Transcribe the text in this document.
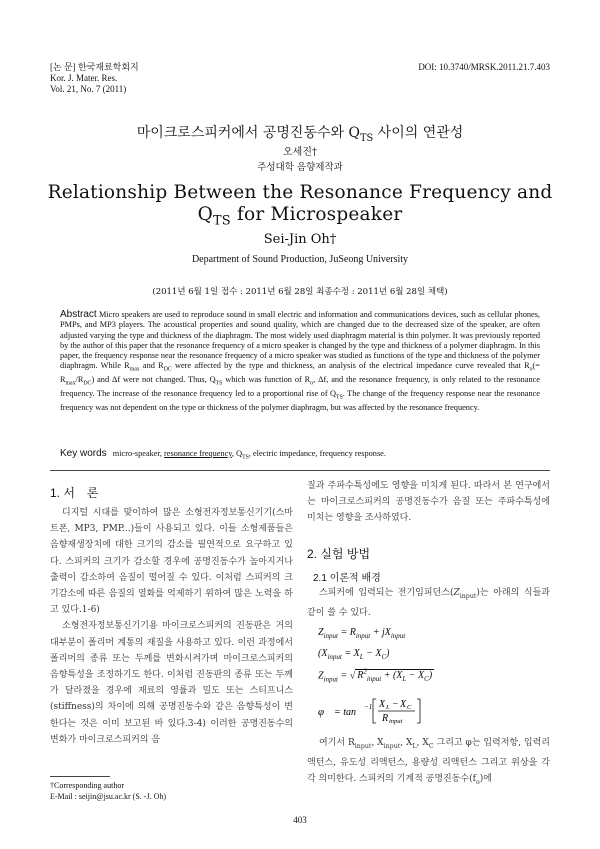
[논 문] 한국재료학회지
Kor. J. Mater. Res.
Vol. 21, No. 7 (2011)
DOI: 10.3740/MRSK.2011.21.7.403
마이크로스피커에서 공명진동수와 $Q_{TS}$ 사이의 연관성
오세진†
주성대학 음향제작과
Relationship Between the Resonance Frequency and
$Q_{TS}$ for Microspeaker
Sei-Jin Oh†
Department of Sound Production, JuSeong University
(2011년 6월 1일 접수 : 2011년 6월 28일 최종수정 : 2011년 6월 28일 채택)
Abstract Micro speakers are used to reproduce sound in small electric and information and communications devices, such as cellular phones, PMPs, and MP3 players. The acoustical properties and sound quality, which are changed due to the decreased size of the speaker, are often adjusted varying the type and thickness of the diaphragm. The most widely used diaphragm material is thin polymer. It was previously reported by the author of this paper that the resonance frequency of a micro speaker is changed by the type and thickness of a polymer diaphragm. In this paper, the frequency response near the resonance frequency of a micro speaker was studied as functions of the type and thickness of the polymer diaphragm. While $R_{max}$ and $R_{DC}$ were affected by the type and thickness, an analysis of the electrical impedance curve revealed that $R_o(= R_{max}/R_{DC})$ and Δf were not changed. Thus, $Q_{TS}$ which was function of $R_o$, Δf, and the resonance frequency, is only related to the resonance frequency. The increase of the resonance frequency led to a proportional rise of $Q_{TS}$. The change of the frequency response near the resonance frequency was not dependent on the type or thickness of the polymer diaphragm, but was affected by the resonance frequency.
Key words micro-speaker, resonance frequency, $Q_{TS}$, electric impedance, frequency response.
1. 서　론

디지털 시대를 맞이하여 많은 소형전자정보통신기기(스마트폰, MP3, PMP...)들이 사용되고 있다. 이들 소형제품들은 음향재생장치에 대한 크기의 감소를 필연적으로 요구하고 있다. 스피커의 크기가 감소할 경우에 공명진동수가 높아지거나 출력이 감소하여 음질이 떨어질 수 있다. 이처럼 스피커의 크기감소에 따른 음질의 열화를 억제하기 위하여 많은 노력을 하고 있다.1-6)

소형전자정보통신기기용 마이크로스피커의 진동판은 거의 대부분이 폴리머 계통의 재질을 사용하고 있다. 이런 과정에서 폴리머의 종류 또는 두께를 변화시켜가며 마이크로스피커의 음향특성을 조정하기도 한다. 이처럼 진동판의 종류 또는 두께가 달라졌을 경우에 재료의 영률과 밀도 또는 스티프니스(stiffness)의 차이에 의해 공명진동수와 같은 음향특성이 변한다는 것은 이미 보고된 바 있다.3-4) 이러한 공명진동수의 변화가 마이크로스피커의 음

†Corresponding author
E-Mail : seijin@jsu.ac.kr (S. -J. Oh)

질과 주파수특성에도 영향을 미치게 된다. 따라서 본 연구에서는 마이크로스피커의 공명진동수가 음질 또는 주파수특성에 미치는 영향을 조사하였다.

2. 실험 방법
2.1 이론적 배경

스피커에 입력되는 전기임피던스$(Z_{input})$는 아래의 식들과 같이 쓸 수 있다.

$Z_{input} = R_{input} + jX_{input}$
$(X_{input} = X_L - X_C)$
$Z_{input}$ = √ $R^2_{input} + (X_L - X_C)$
φ = tan −1 X L − X C
R input

여기서 $R_{input}$, $X_{input}$, $X_L$, $X_C$ 그리고 φ는 입력저항, 입력리액턴스, 유도성 리액턴스, 용량성 리액턴스 그리고 위상을 각각 의미한다. 스피커의 기계적 공명진동수$(f_o)$에

403
